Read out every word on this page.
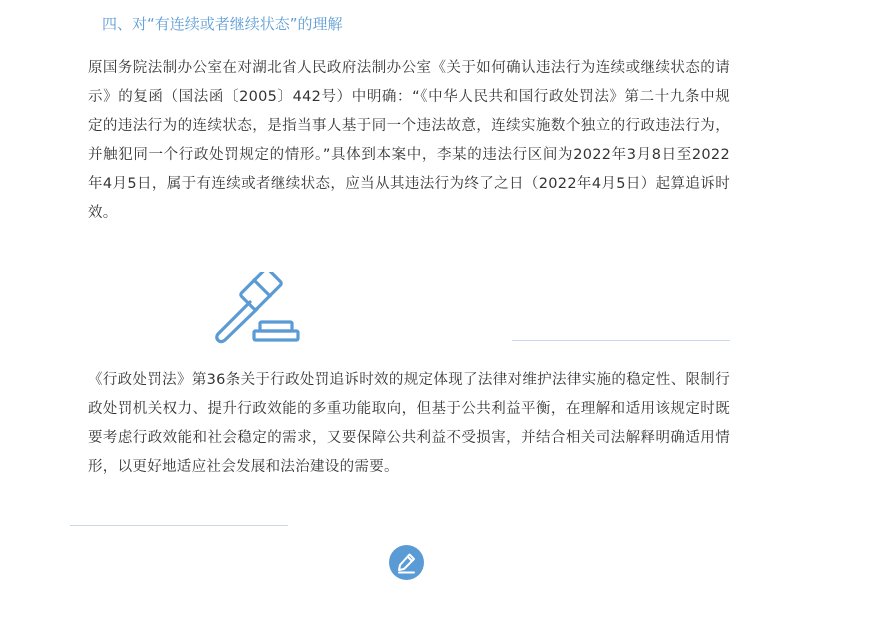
四、对“有连续或者继续状态”的理解

原国务院法制办公室在对湖北省人民政府法制办公室《关于如何确认违法行为连续或继续状态的请示》的复函（国法函〔2005〕442号）中明确：“《中华人民共和国行政处罚法》第二十九条中规定的违法行为的连续状态，是指当事人基于同一个违法故意，连续实施数个独立的行政违法行为，并触犯同一个行政处罚规定的情形。”具体到本案中，李某的违法行区间为2022年3月8日至2022年4月5日，属于有连续或者继续状态，应当从其违法行为终了之日（2022年4月5日）起算追诉时效。

《行政处罚法》第36条关于行政处罚追诉时效的规定体现了法律对维护法律实施的稳定性、限制行政处罚机关权力、提升行政效能的多重功能取向，但基于公共利益平衡，在理解和适用该规定时既要考虑行政效能和社会稳定的需求，又要保障公共利益不受损害，并结合相关司法解释明确适用情形，以更好地适应社会发展和法治建设的需要。
